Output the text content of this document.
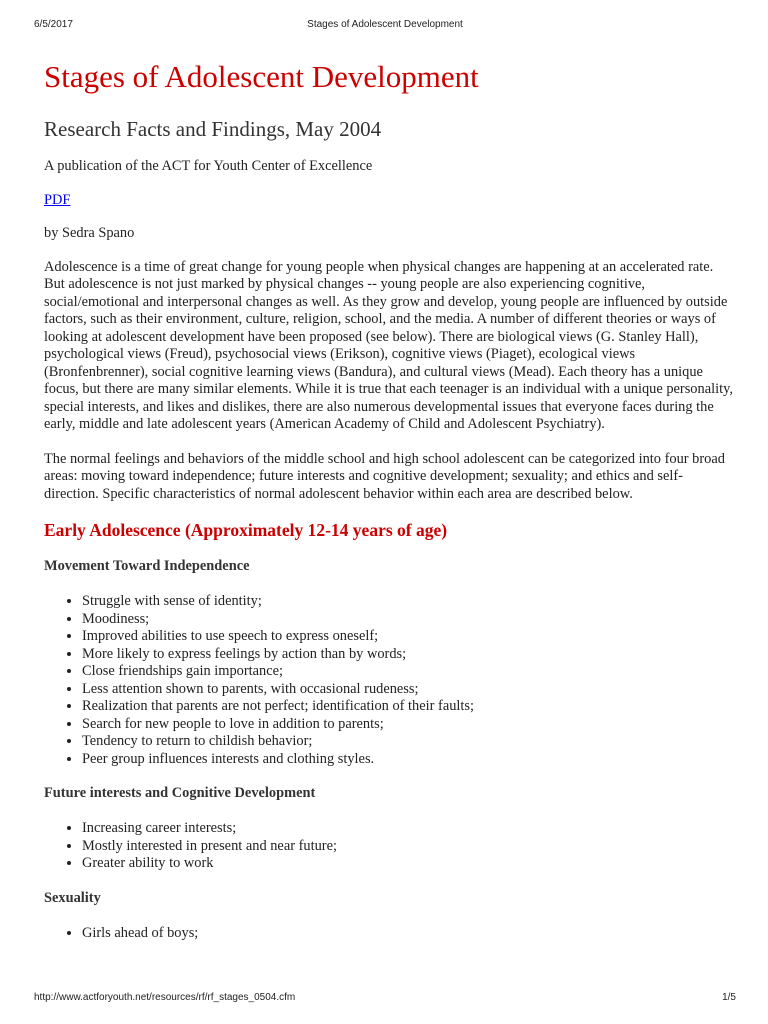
6/5/2017	Stages of Adolescent Development
Stages of Adolescent Development
Research Facts and Findings, May 2004

A publication of the ACT for Youth Center of Excellence

PDF

by Sedra Spano

Adolescence is a time of great change for young people when physical changes are happening at an accelerated rate. But adolescence is not just marked by physical changes -- young people are also experiencing cognitive, social/emotional and interpersonal changes as well. As they grow and develop, young people are influenced by outside factors, such as their environment, culture, religion, school, and the media. A number of different theories or ways of looking at adolescent development have been proposed (see below). There are biological views (G. Stanley Hall), psychological views (Freud), psychosocial views (Erikson), cognitive views (Piaget), ecological views (Bronfenbrenner), social cognitive learning views (Bandura), and cultural views (Mead). Each theory has a unique focus, but there are many similar elements. While it is true that each teenager is an individual with a unique personality, special interests, and likes and dislikes, there are also numerous developmental issues that everyone faces during the early, middle and late adolescent years (American Academy of Child and Adolescent Psychiatry).

The normal feelings and behaviors of the middle school and high school adolescent can be categorized into four broad areas: moving toward independence; future interests and cognitive development; sexuality; and ethics and self-direction. Specific characteristics of normal adolescent behavior within each area are described below.

Early Adolescence (Approximately 12-14 years of age)
Movement Toward Independence
• Struggle with sense of identity;
• Moodiness;
• Improved abilities to use speech to express oneself;
• More likely to express feelings by action than by words;
• Close friendships gain importance;
• Less attention shown to parents, with occasional rudeness;
• Realization that parents are not perfect; identification of their faults;
• Search for new people to love in addition to parents;
• Tendency to return to childish behavior;
• Peer group influences interests and clothing styles.
Future interests and Cognitive Development
• Increasing career interests;
• Mostly interested in present and near future;
• Greater ability to work
Sexuality
• Girls ahead of boys;
http://www.actforyouth.net/resources/rf/rf_stages_0504.cfm	1/5
